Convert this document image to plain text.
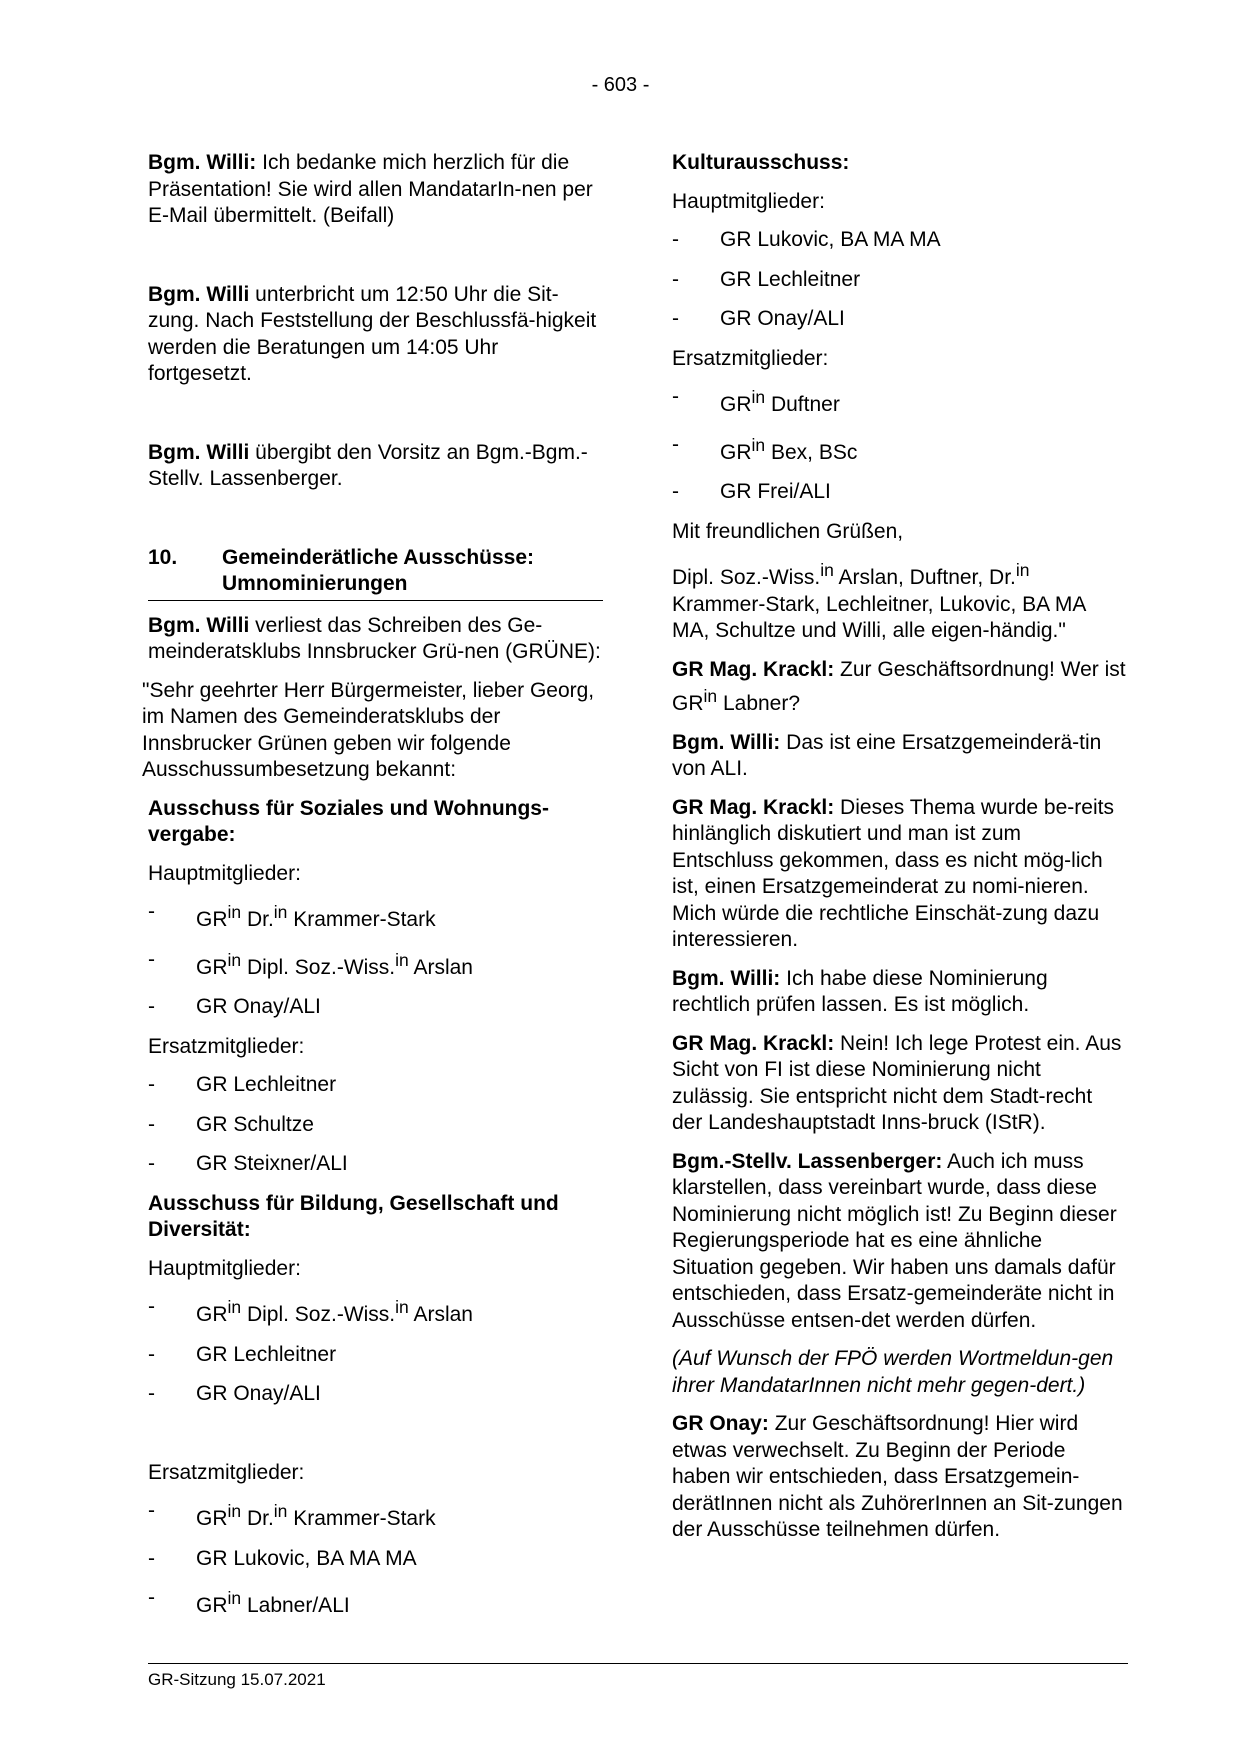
- 603 -

Bgm. Willi: Ich bedanke mich herzlich für die Präsentation! Sie wird allen MandatarIn-nen per E-Mail übermittelt. (Beifall)

Bgm. Willi unterbricht um 12:50 Uhr die Sit-zung. Nach Feststellung der Beschlussfä-higkeit werden die Beratungen um 14:05 Uhr fortgesetzt.

Bgm. Willi übergibt den Vorsitz an Bgm.-Bgm.-Stellv. Lassenberger.

10.	Gemeinderätliche Ausschüsse: Umnominierungen

Bgm. Willi verliest das Schreiben des Ge-meinderatsklubs Innsbrucker Grü-nen (GRÜNE):

"Sehr geehrter Herr Bürgermeister, lieber Georg, im Namen des Gemeinderatsklubs der Innsbrucker Grünen geben wir folgende Ausschussumbesetzung bekannt:

Ausschuss für Soziales und Wohnungs-vergabe:
Hauptmitglieder:
-	$GR^{in}$ Dr.$^{in}$ Krammer-Stark
-	$GR^{in}$ Dipl. Soz.-Wiss.$^{in}$ Arslan
-	GR Onay/ALI
Ersatzmitglieder:
-	GR Lechleitner
-	GR Schultze
-	GR Steixner/ALI
Ausschuss für Bildung, Gesellschaft und Diversität:
Hauptmitglieder:
-	$GR^{in}$ Dipl. Soz.-Wiss.$^{in}$ Arslan
-	GR Lechleitner
-	GR Onay/ALI
Ersatzmitglieder:
-	$GR^{in}$ Dr.$^{in}$ Krammer-Stark
-	GR Lukovic, BA MA MA
-	$GR^{in}$ Labner/ALI
Kulturausschuss:
Hauptmitglieder:
-	GR Lukovic, BA MA MA
-	GR Lechleitner
-	GR Onay/ALI
Ersatzmitglieder:
-	$GR^{in}$ Duftner
-	$GR^{in}$ Bex, BSc
-	GR Frei/ALI

Mit freundlichen Grüßen,

Dipl. Soz.-Wiss.$^{in}$ Arslan, Duftner, Dr.$^{in}$ Krammer-Stark, Lechleitner, Lukovic, BA MA MA, Schultze und Willi, alle eigen-händig."

GR Mag. Krackl: Zur Geschäftsordnung! Wer ist $GR^{in}$ Labner?

Bgm. Willi: Das ist eine Ersatzgemeinderä-tin von ALI.

GR Mag. Krackl: Dieses Thema wurde be-reits hinlänglich diskutiert und man ist zum Entschluss gekommen, dass es nicht mög-lich ist, einen Ersatzgemeinderat zu nomi-nieren. Mich würde die rechtliche Einschät-zung dazu interessieren.

Bgm. Willi: Ich habe diese Nominierung rechtlich prüfen lassen. Es ist möglich.

GR Mag. Krackl: Nein! Ich lege Protest ein. Aus Sicht von FI ist diese Nominierung nicht zulässig. Sie entspricht nicht dem Stadt-recht der Landeshauptstadt Inns-bruck (IStR).

Bgm.-Stellv. Lassenberger: Auch ich muss klarstellen, dass vereinbart wurde, dass diese Nominierung nicht möglich ist! Zu Beginn dieser Regierungsperiode hat es eine ähnliche Situation gegeben. Wir haben uns damals dafür entschieden, dass Ersatz-gemeinderäte nicht in Ausschüsse entsen-det werden dürfen.

(Auf Wunsch der FPÖ werden Wortmeldun-gen ihrer MandatarInnen nicht mehr gegen-dert.)

GR Onay: Zur Geschäftsordnung! Hier wird etwas verwechselt. Zu Beginn der Periode haben wir entschieden, dass Ersatzgemein-derätInnen nicht als ZuhörerInnen an Sit-zungen der Ausschüsse teilnehmen dürfen.

GR-Sitzung 15.07.2021
